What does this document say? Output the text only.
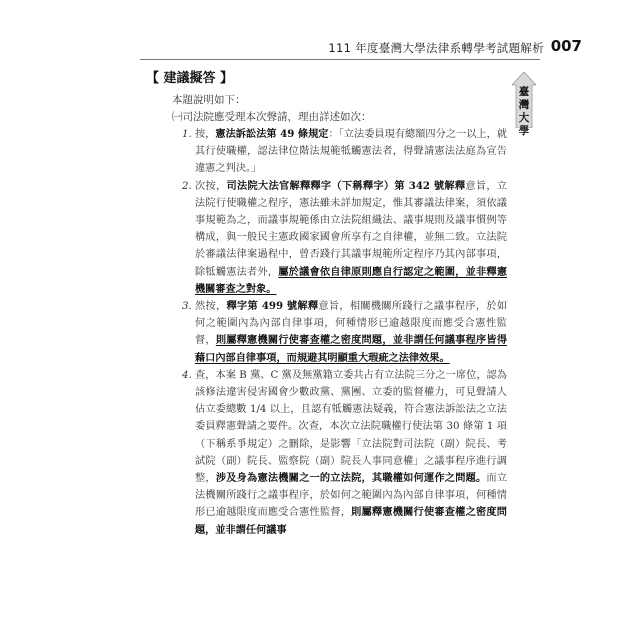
111 年度臺灣大學法律系轉學考試題解析 007
臺灣大學
【 建議擬答 】
本題說明如下：
㈠司法院應受理本次聲請，理由詳述如次：

1. 按，憲法訴訟法第 49 條規定：「立法委員現有總額四分之一以上，就其行使職權，認法律位階法規範牴觸憲法者，得聲請憲法法庭為宣告違憲之判決。」

2. 次按，司法院大法官解釋釋字（下稱釋字）第 342 號解釋意旨，立法院行使職權之程序，憲法雖未詳加規定，惟其審議法律案，須依議事規範為之，而議事規範係由立法院組織法、議事規則及議事慣例等構成，與一般民主憲政國家國會所享有之自律權，並無二致。立法院於審議法律案過程中，曾否踐行其議事規範所定程序乃其內部事項，除牴觸憲法者外，屬於議會依自律原則應自行認定之範圍，並非釋憲機關審查之對象。

3. 然按，釋字第 499 號解釋意旨，相關機關所踐行之議事程序，於如何之範圍內為內部自律事項，何種情形已逾越限度而應受合憲性監督，則屬釋憲機關行使審查權之密度問題，並非謂任何議事程序皆得藉口內部自律事項，而規避其明顯重大瑕疵之法律效果。

4. 查，本案 B 黨、C 黨及無黨籍立委共占有立法院三分之一席位，認為該修法違害侵害國會少數政黨、黨團、立委的監督權力，可見聲請人佔立委總數 1/4 以上，且認有牴觸憲法疑義，符合憲法訴訟法之立法委員釋憲聲請之要件。次查，本次立法院職權行使法第 30 條第 1 項（下稱系爭規定）之刪除，是影響「立法院對司法院（副）院長、考試院（副）院長、監察院（副）院長人事同意權」之議事程序進行調整，涉及身為憲法機關之一的立法院，其職權如何運作之問題。而立法機關所踐行之議事程序，於如何之範圍內為內部自律事項，何種情形已逾越限度而應受合憲性監督，則屬釋憲機關行使審查權之密度問題，並非謂任何議事
